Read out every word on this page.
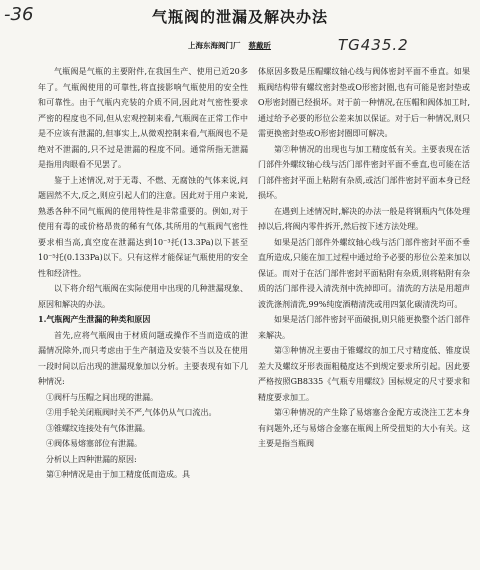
-36	气瓶阀的泄漏及解决办法
上海东海阀门厂 蔡戴昕	TG435.2

气瓶阀是气瓶的主要附件,在我国生产、使用已近20多年了。气瓶阀使用的可靠性,将直接影响气瓶使用的安全性和可靠性。由于气瓶内充装的介质不同,因此对气密性要求严密的程度也不同,但从宏观控制来看,气瓶阀在正常工作中是不应该有泄漏的,但事实上,从微观控制来看,气瓶阀也不是绝对不泄漏的,只不过是泄漏的程度不同。通常所指无泄漏是指用肉眼看不见罢了。

鉴于上述情况,对于无毒、不燃、无腐蚀的气体来说,问题固然不大,反之,则应引起人们的注意。因此对于用户来说,熟悉各种不同气瓶阀的使用特性是非常重要的。例如,对于使用有毒的或价格昂贵的稀有气体,其所用的气瓶阀气密性要求相当高,真空度在泄漏达到10⁻³托(13.3Pa)以下甚至10⁻⁵托(0.133Pa)以下。只有这样才能保证气瓶使用的安全性和经济性。

以下将介绍气瓶阀在实际使用中出现的几种泄漏现象、原因和解决的办法。

1.气瓶阀产生泄漏的种类和原因

首先,应将气瓶阀由于材质问题或操作不当而造成的泄漏情况除外,而只考虑由于生产制造及安装不当以及在使用一段时间以后出现的泄漏现象加以分析。主要表现有如下几种情况:

①阀杆与压帽之间出现的泄漏。

②用手轮关闭瓶阀时关不严,气体仍从气口流出。

③锥螺纹连接处有气体泄漏。

④阀体易熔塞部位有泄漏。

分析以上四种泄漏的原因:

第①种情况是由于加工精度低而造成。具

体原因多数是压帽螺纹轴心线与阀体密封平面不垂直。如果瓶阀结构带有螺纹密封垫或O形密封圈,也有可能是密封垫或O形密封圈已经损坏。对于前一种情况,在压帽和阀体加工时,通过给予必要的形位公差来加以保证。对于后一种情况,则只需更换密封垫或O形密封圈即可解决。

第②种情况的出现也与加工精度低有关。主要表现在活门部件外螺纹轴心线与活门部件密封平面不垂直,也可能在活门部件密封平面上粘附有杂质,或活门部件密封平面本身已经损坏。

在遇到上述情况时,解决的办法一般是将钢瓶内气体处理掉以后,将阀内零件拆开,然后按下述方法处理。

如果是活门部件外螺纹轴心线与活门部件密封平面不垂直所造成,只能在加工过程中通过给予必要的形位公差来加以保证。而对于在活门部件密封平面粘附有杂质,则将粘附有杂质的活门部件浸入清洗剂中洗掉即可。清洗的方法是用超声波洗涤剂清洗,99%纯度酒精清洗或用四氯化碳清洗均可。

如果是活门部件密封平面破损,则只能更换整个活门部件来解决。

第③种情况主要由于锥螺纹的加工尺寸精度低、锥度误差大及螺纹牙形表面粗糙度达不到规定要求所引起。因此要严格按照GB8335《气瓶专用螺纹》国标规定的尺寸要求和精度要求加工。

第④种情况的产生除了易熔塞合金配方或浇注工艺本身有问题外,还与易熔合金塞在瓶阀上所受扭矩的大小有关。这主要是指当瓶阀
